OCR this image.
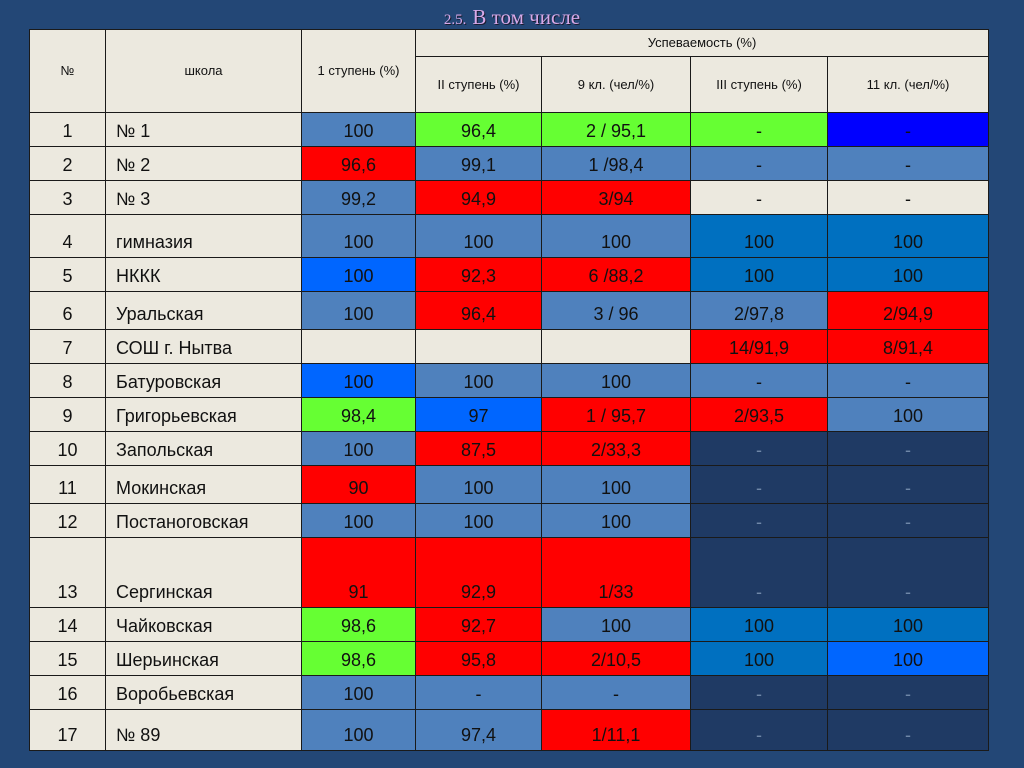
2.5. В том числе
№	школа	1 ступень (%)	Успеваемость (%)			
			II ступень (%)	9 кл. (чел/%)	III ступень (%)	11 кл. (чел/%)
1	№ 1	100	96,4	2 / 95,1	-	-
2	№ 2	96,6	99,1	1 /98,4	-	-
3	№ 3	99,2	94,9	3/94	-	-
4	гимназия	100	100	100	100	100
5	НККК	100	92,3	6 /88,2	100	100
6	Уральская	100	96,4	3 / 96	2/97,8	2/94,9
7	СОШ г. Нытва				14/91,9	8/91,4
8	Батуровская	100	100	100	-	-
9	Григорьевская	98,4	97	1 / 95,7	2/93,5	100
10	Запольская	100	87,5	2/33,3	-	-
11	Мокинская	90	100	100	-	-
12	Постаноговская	100	100	100	-	-
13	Сергинская	91	92,9	1/33	-	-
14	Чайковская	98,6	92,7	100	100	100
15	Шерьинская	98,6	95,8	2/10,5	100	100
16	Воробьевская	100	-	-	-	-
17	№ 89	100	97,4	1/11,1	-	-
